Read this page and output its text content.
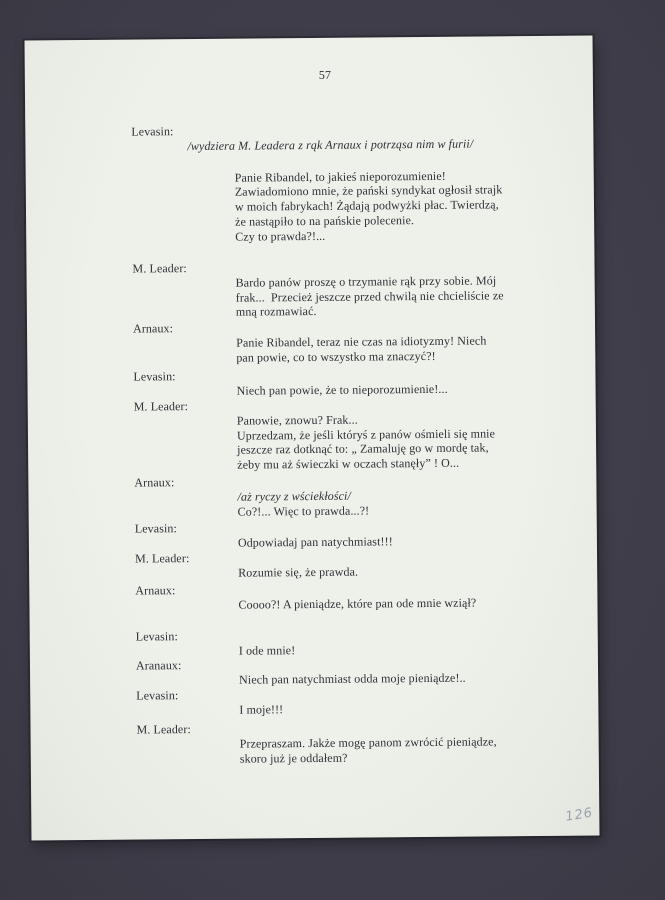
57
Levasin:
/wydziera M. Leadera z rąk Arnaux i potrząsa nim w furii/
Panie Ribandel, to jakieś nieporozumienie!
Zawiadomiono mnie, że pański syndykat ogłosił strajk
w moich fabrykach! Żądają podwyżki płac. Twierdzą,
że nastąpiło to na pańskie polecenie.
Czy to prawda?!...
M. Leader:
Bardo panów proszę o trzymanie rąk przy sobie. Mój
frak...  Przecież jeszcze przed chwilą nie chcieliście ze
mną rozmawiać.
Arnaux:
Panie Ribandel, teraz nie czas na idiotyzmy! Niech
pan powie, co to wszystko ma znaczyć?!
Levasin:
Niech pan powie, że to nieporozumienie!...
M. Leader:
Panowie, znowu? Frak...
Uprzedzam, że jeśli któryś z panów ośmieli się mnie
jeszcze raz dotknąć to: „ Zamaluję go w mordę tak,
żeby mu aż świeczki w oczach stanęły” ! O...
Arnaux:
/aż ryczy z wściekłości/
Co?!... Więc to prawda...?!
Levasin:
Odpowiadaj pan natychmiast!!!
M. Leader:
Rozumie się, że prawda.
Arnaux:
Coooo?! A pieniądze, które pan ode mnie wziął?
Levasin:
I ode mnie!
Aranaux:
Niech pan natychmiast odda moje pieniądze!..
Levasin:
I moje!!!
M. Leader:
Przepraszam. Jakże mogę panom zwrócić pieniądze,
skoro już je oddałem?
126
